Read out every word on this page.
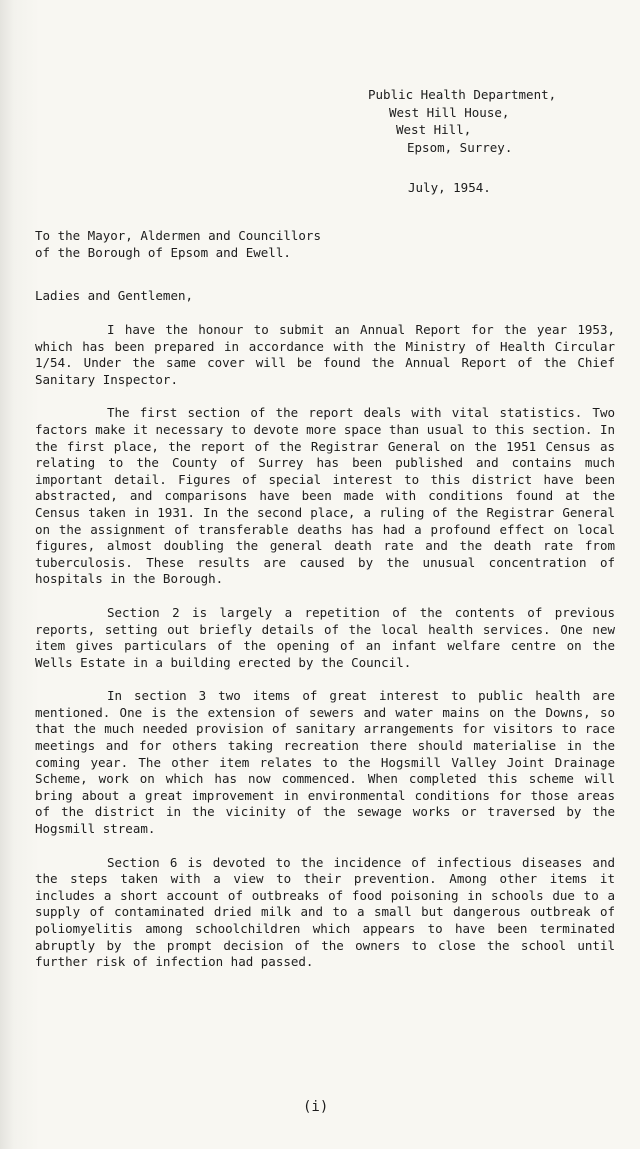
Public Health Department,
West Hill House,
West Hill,
Epsom, Surrey.
July, 1954.
To the Mayor, Aldermen and Councillors
of the Borough of Epsom and Ewell.
Ladies and Gentlemen,

I have the honour to submit an Annual Report for the year 1953, which has been prepared in accordance with the Ministry of Health Circular 1/54. Under the same cover will be found the Annual Report of the Chief Sanitary Inspector.

The first section of the report deals with vital statistics. Two factors make it necessary to devote more space than usual to this section. In the first place, the report of the Registrar General on the 1951 Census as relating to the County of Surrey has been published and contains much important detail. Figures of special interest to this district have been abstracted, and comparisons have been made with conditions found at the Census taken in 1931. In the second place, a ruling of the Registrar General on the assignment of transferable deaths has had a profound effect on local figures, almost doubling the general death rate and the death rate from tuberculosis. These results are caused by the unusual concentration of hospitals in the Borough.

Section 2 is largely a repetition of the contents of previous reports, setting out briefly details of the local health services. One new item gives particulars of the opening of an infant welfare centre on the Wells Estate in a building erected by the Council.

In section 3 two items of great interest to public health are mentioned. One is the extension of sewers and water mains on the Downs, so that the much needed provision of sanitary arrangements for visitors to race meetings and for others taking recreation there should materialise in the coming year. The other item relates to the Hogsmill Valley Joint Drainage Scheme, work on which has now commenced. When completed this scheme will bring about a great improvement in environmental conditions for those areas of the district in the vicinity of the sewage works or traversed by the Hogsmill stream.

Section 6 is devoted to the incidence of infectious diseases and the steps taken with a view to their prevention. Among other items it includes a short account of outbreaks of food poisoning in schools due to a supply of contaminated dried milk and to a small but dangerous outbreak of poliomyelitis among schoolchildren which appears to have been terminated abruptly by the prompt decision of the owners to close the school until further risk of infection had passed.

(i)
